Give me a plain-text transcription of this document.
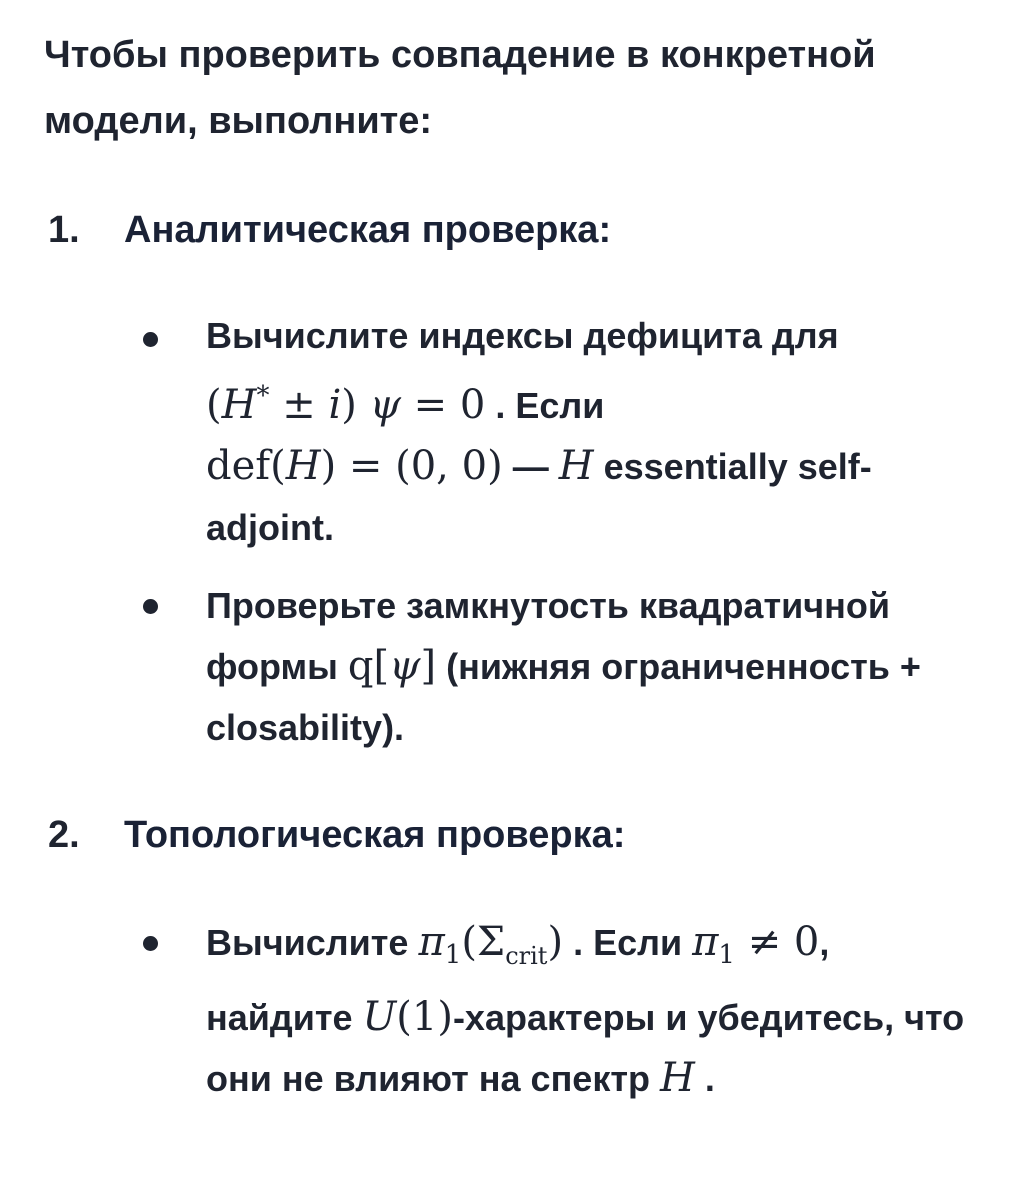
Чтобы проверить совпадение в конкретной модели, выполните:
1. Аналитическая проверка:
Вычислите индексы дефицита для
(H* ± i) ψ = 0 . Если
def(H) = (0, 0) — H essentially self-adjoint.
Проверьте замкнутость квадратичной формы q[ψ] (нижняя ограниченность + closability).
2. Топологическая проверка:
Вычислите $\pi_1(\Sigma_{crit})$ . Если $\pi_1 \ne 0$, найдите U(1)-характеры и убедитесь, что они не влияют на спектр H .
